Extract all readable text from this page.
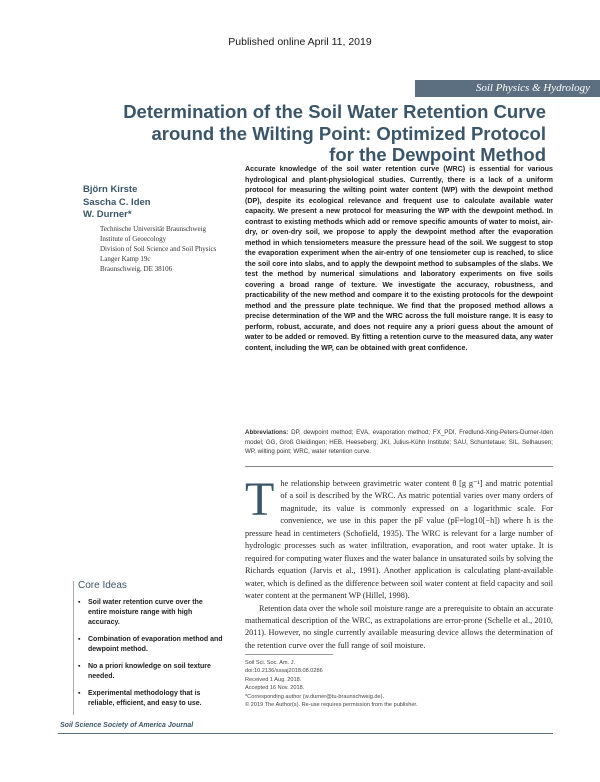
Published online April 11, 2019
Soil Physics & Hydrology
Determination of the Soil Water Retention Curve
around the Wilting Point: Optimized Protocol
for the Dewpoint Method
Björn Kirste
Sascha C. Iden
W. Durner*
Technische Universität Braunschweig
Institute of Geoecology
Division of Soil Science and Soil Physics
Langer Kamp 19c
Braunschweig, DE 38106
Accurate knowledge of the soil water retention curve (WRC) is essential for various hydrological and plant-physiological studies. Currently, there is a lack of a uniform protocol for measuring the wilting point water content (WP) with the dewpoint method (DP), despite its ecological relevance and frequent use to calculate available water capacity. We present a new protocol for measuring the WP with the dewpoint method. In contrast to existing methods which add or remove specific amounts of water to moist, air-dry, or oven-dry soil, we propose to apply the dewpoint method after the evaporation method in which tensiometers measure the pressure head of the soil. We suggest to stop the evaporation experiment when the air-entry of one tensiometer cup is reached, to slice the soil core into slabs, and to apply the dewpoint method to subsamples of the slabs. We test the method by numerical simulations and laboratory experiments on five soils covering a broad range of texture. We investigate the accuracy, robustness, and practicability of the new method and compare it to the existing protocols for the dewpoint method and the pressure plate technique. We find that the proposed method allows a precise determination of the WP and the WRC across the full moisture range. It is easy to perform, robust, accurate, and does not require any a priori guess about the amount of water to be added or removed. By fitting a retention curve to the measured data, any water content, including the WP, can be obtained with great confidence.
Abbreviations: DP, dewpoint method; EVA, evaporation method; FX_PDI, Fredlund-Xing-Peters-Durner-Iden model; GG, Groß Gleidingen; HEB, Heeseberg; JKI, Julius-Kühn Institute; SAU, Schuntetaue; SIL, Selhausen; WP, wilting point; WRC, water retention curve.

The relationship between gravimetric water content θ [g g⁻¹] and matric potential of a soil is described by the WRC. As matric potential varies over many orders of magnitude, its value is commonly expressed on a logarithmic scale. For convenience, we use in this paper the pF value (pF=log10[−h]) where h is the pressure head in centimeters (Schofield, 1935). The WRC is relevant for a large number of hydrologic processes such as water infiltration, evaporation, and root water uptake. It is required for computing water fluxes and the water balance in unsaturated soils by solving the Richards equation (Jarvis et al., 1991). Another application is calculating plant-available water, which is defined as the difference between soil water content at field capacity and soil water content at the permanent WP (Hillel, 1998).

Retention data over the whole soil moisture range are a prerequisite to obtain an accurate mathematical description of the WRC, as extrapolations are error-prone (Schelle et al., 2010, 2011). However, no single currently available measuring device allows the determination of the retention curve over the full range of soil moisture.

Soil Sci. Soc. Am. J.
doi:10.2136/sssaj2018.08.0286
Received 1 Aug. 2018.
Accepted 16 Nov. 2018.
*Corresponding author (w.durner@tu-braunschweig.de).
© 2019 The Author(s). Re-use requires permission from the publisher.
Core Ideas
▪ Soil water retention curve over the entire moisture range with high accuracy.
▪ Combination of evaporation method and dewpoint method.
▪ No a priori knowledge on soil texture needed.
▪ Experimental methodology that is reliable, efficient, and easy to use.
Soil Science Society of America Journal
